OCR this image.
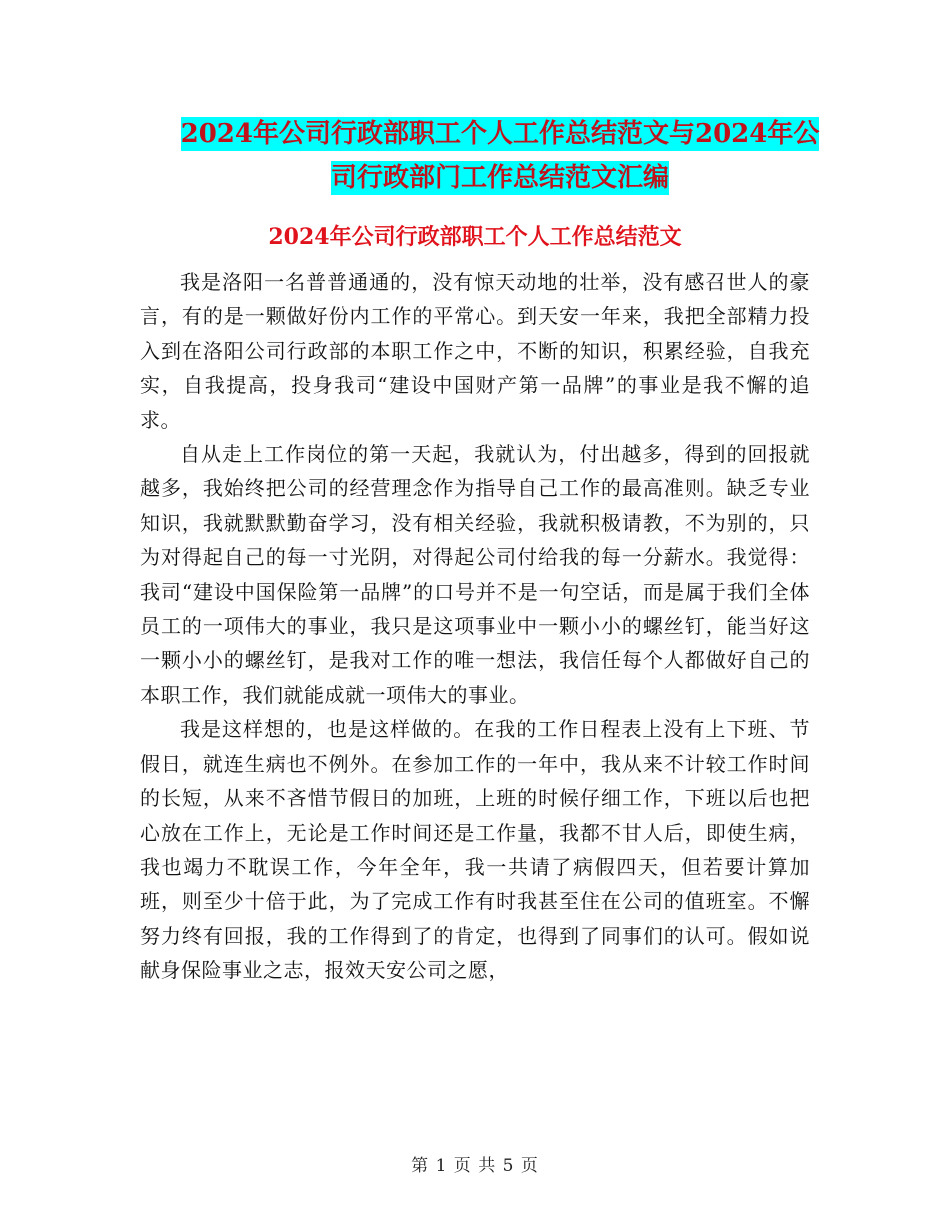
2024年公司行政部职工个人工作总结范文与2024年公
司行政部门工作总结范文汇编
2024年公司行政部职工个人工作总结范文

我是洛阳一名普普通通的，没有惊天动地的壮举，没有感召世人的豪言，有的是一颗做好份内工作的平常心。到天安一年来，我把全部精力投入到在洛阳公司行政部的本职工作之中，不断的知识，积累经验，自我充实，自我提高，投身我司“建设中国财产第一品牌”的事业是我不懈的追求。

自从走上工作岗位的第一天起，我就认为，付出越多，得到的回报就越多，我始终把公司的经营理念作为指导自己工作的最高准则。缺乏专业知识，我就默默勤奋学习，没有相关经验，我就积极请教，不为别的，只为对得起自己的每一寸光阴，对得起公司付给我的每一分薪水。我觉得：我司“建设中国保险第一品牌”的口号并不是一句空话，而是属于我们全体员工的一项伟大的事业，我只是这项事业中一颗小小的螺丝钉，能当好这一颗小小的螺丝钉，是我对工作的唯一想法，我信任每个人都做好自己的本职工作，我们就能成就一项伟大的事业。

我是这样想的，也是这样做的。在我的工作日程表上没有上下班、节假日，就连生病也不例外。在参加工作的一年中，我从来不计较工作时间的长短，从来不吝惜节假日的加班，上班的时候仔细工作，下班以后也把心放在工作上，无论是工作时间还是工作量，我都不甘人后，即使生病，我也竭力不耽误工作，今年全年，我一共请了病假四天，但若要计算加班，则至少十倍于此，为了完成工作有时我甚至住在公司的值班室。不懈努力终有回报，我的工作得到了的肯定，也得到了同事们的认可。假如说献身保险事业之志，报效天安公司之愿，

第 1 页 共 5 页
